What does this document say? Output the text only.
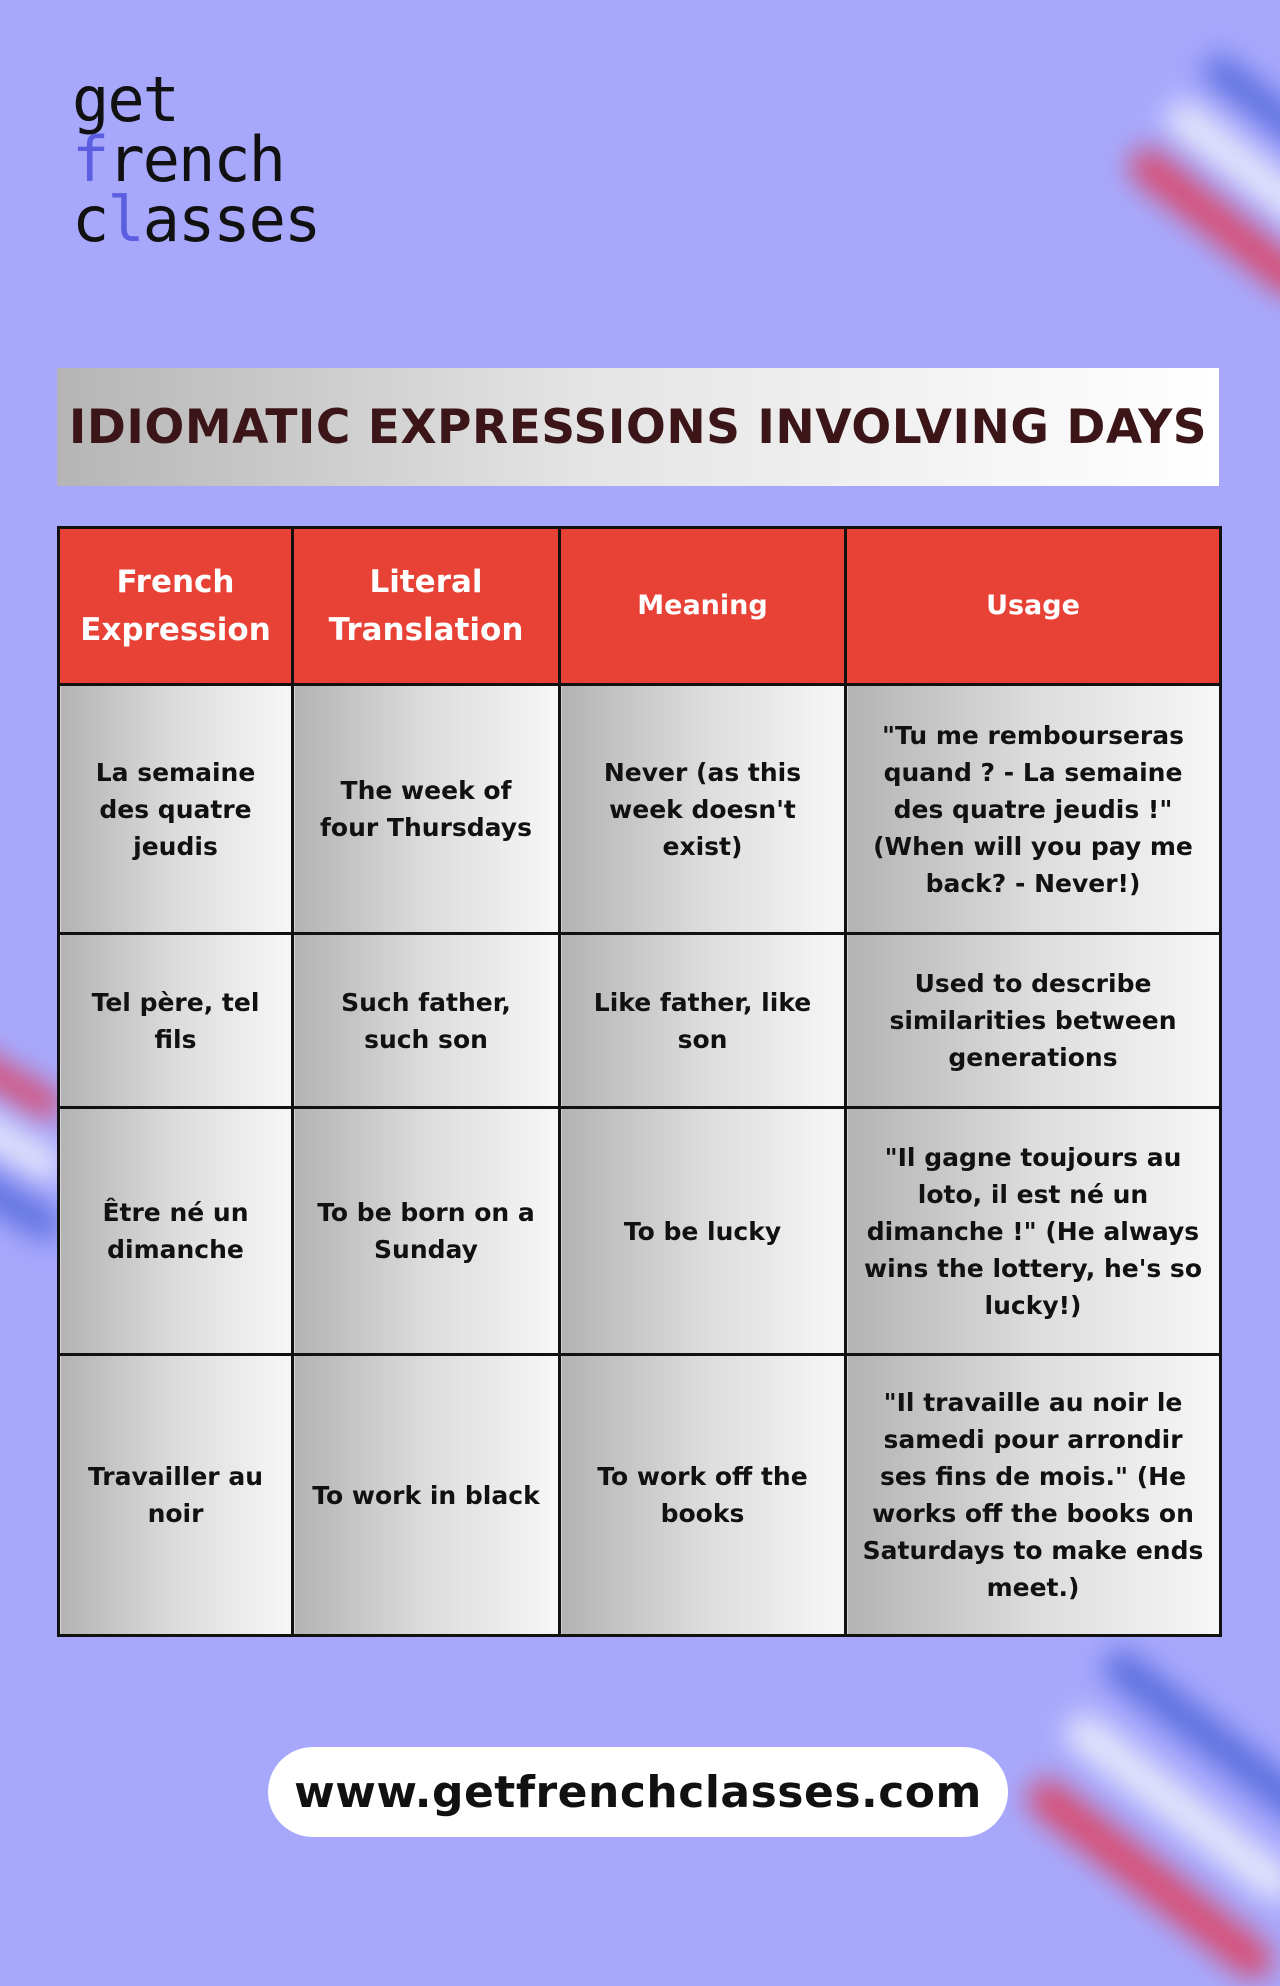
get
french
classes
IDIOMATIC EXPRESSIONS INVOLVING DAYS
French Expression	Literal Translation	Meaning	Usage
La semaine des quatre jeudis	The week of four Thursdays	Never (as this week doesn't exist)	"Tu me rembourseras quand ? - La semaine des quatre jeudis !" (When will you pay me back? - Never!)
Tel père, tel fils	Such father, such son	Like father, like son	Used to describe similarities between generations
Être né un dimanche	To be born on a Sunday	To be lucky	"Il gagne toujours au loto, il est né un dimanche !" (He always wins the lottery, he's so lucky!)
Travailler au noir	To work in black	To work off the books	"Il travaille au noir le samedi pour arrondir ses fins de mois." (He works off the books on Saturdays to make ends meet.)
www.getfrenchclasses.com
